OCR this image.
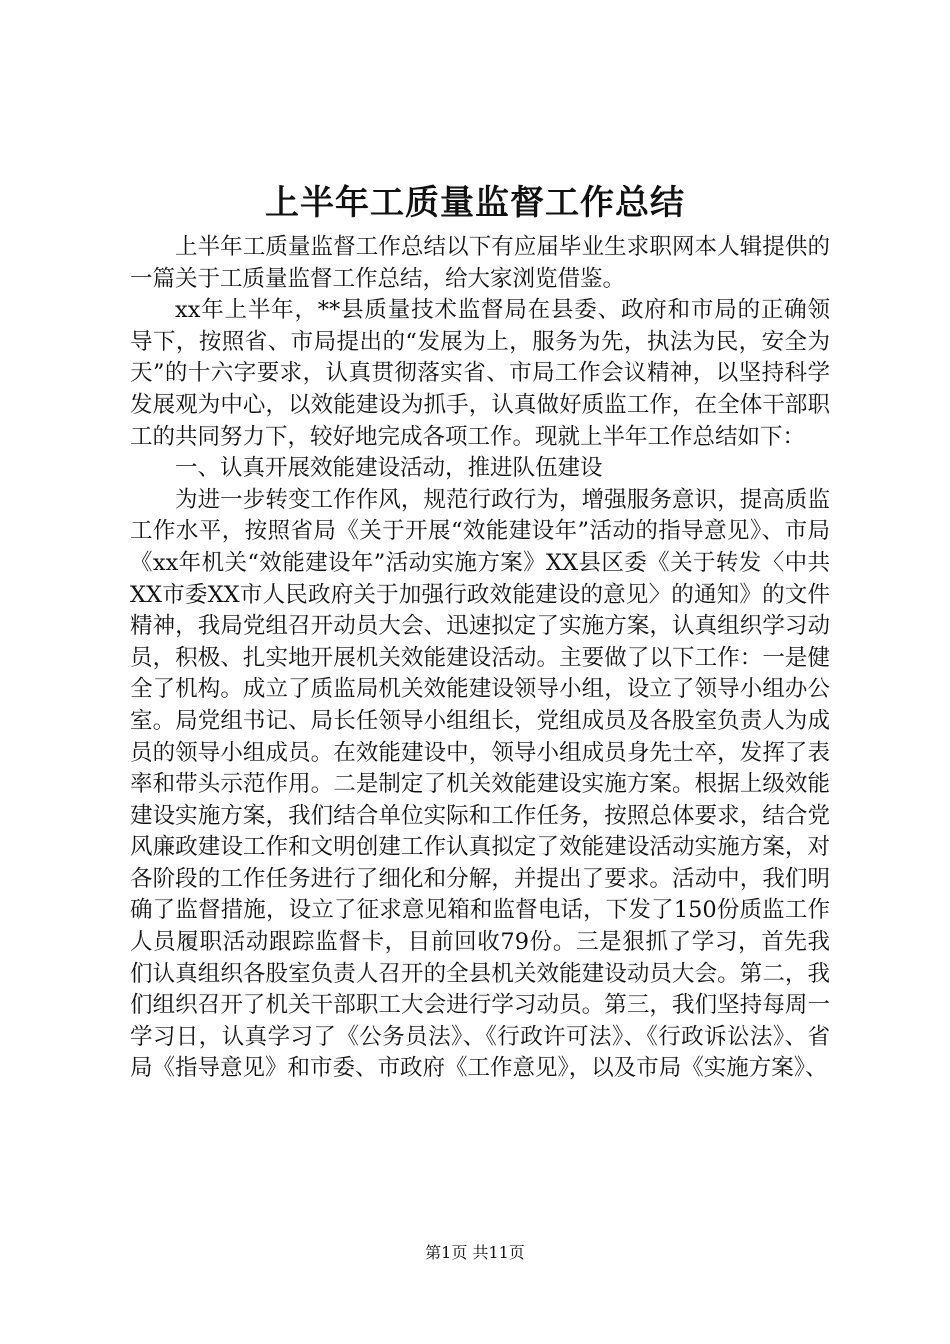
上半年工质量监督工作总结

上半年工质量监督工作总结以下有应届毕业生求职网本人辑提供的一篇关于工质量监督工作总结，给大家浏览借鉴。

xx年上半年，**县质量技术监督局在县委、政府和市局的正确领导下，按照省、市局提出的“发展为上，服务为先，执法为民，安全为天”的十六字要求，认真贯彻落实省、市局工作会议精神，以坚持科学发展观为中心，以效能建设为抓手，认真做好质监工作，在全体干部职工的共同努力下，较好地完成各项工作。现就上半年工作总结如下：

一、认真开展效能建设活动，推进队伍建设

为进一步转变工作作风，规范行政行为，增强服务意识，提高质监工作水平，按照省局《关于开展“效能建设年”活动的指导意见》、市局《xx年机关“效能建设年”活动实施方案》XX县区委《关于转发〈中共XX市委XX市人民政府关于加强行政效能建设的意见〉的通知》的文件精神，我局党组召开动员大会、迅速拟定了实施方案，认真组织学习动员，积极、扎实地开展机关效能建设活动。主要做了以下工作：一是健全了机构。成立了质监局机关效能建设领导小组，设立了领导小组办公室。局党组书记、局长任领导小组组长，党组成员及各股室负责人为成员的领导小组成员。在效能建设中，领导小组成员身先士卒，发挥了表率和带头示范作用。二是制定了机关效能建设实施方案。根据上级效能建设实施方案，我们结合单位实际和工作任务，按照总体要求，结合党风廉政建设工作和文明创建工作认真拟定了效能建设活动实施方案，对各阶段的工作任务进行了细化和分解，并提出了要求。活动中，我们明确了监督措施，设立了征求意见箱和监督电话，下发了150份质监工作人员履职活动跟踪监督卡，目前回收79份。三是狠抓了学习，首先我们认真组织各股室负责人召开的全县机关效能建设动员大会。第二，我们组织召开了机关干部职工大会进行学习动员。第三，我们坚持每周一学习日，认真学习了《公务员法》、《行政许可法》、《行政诉讼法》、省局《指导意见》和市委、市政府《工作意见》，以及市局《实施方案》、

第1页 共11页
